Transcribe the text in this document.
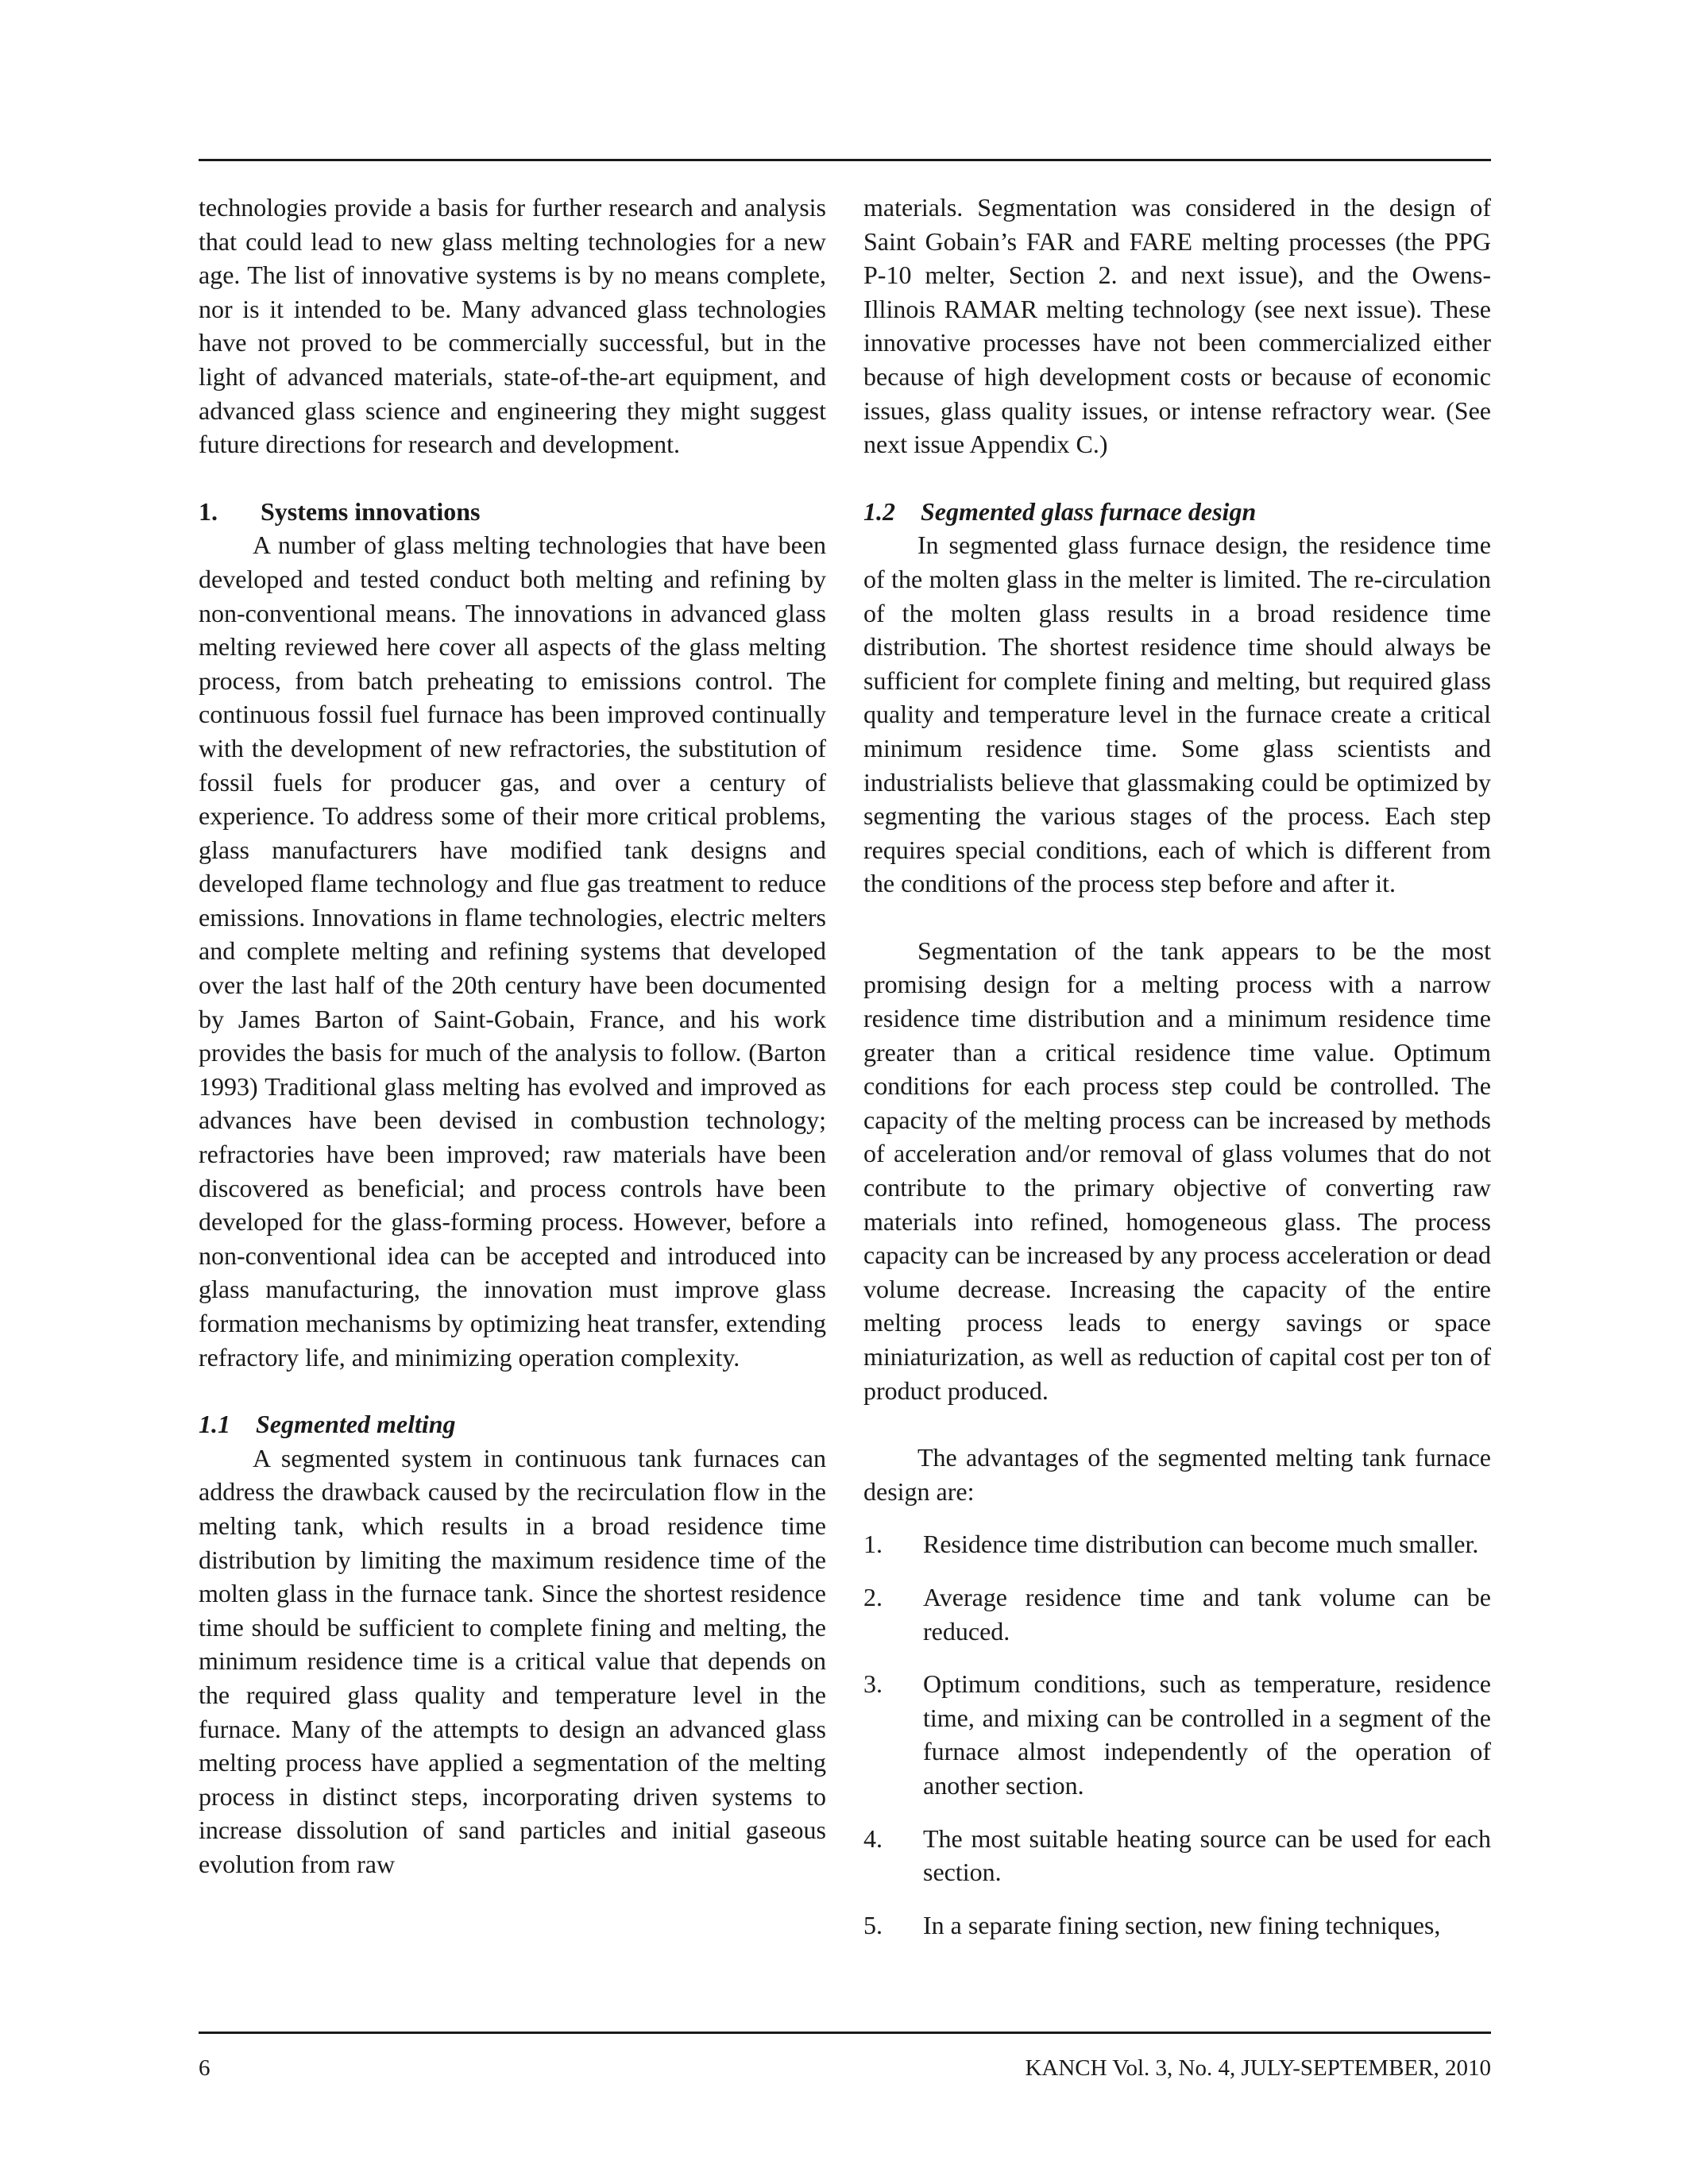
technologies provide a basis for further research and analysis that could lead to new glass melting technologies for a new age. The list of innovative systems is by no means complete, nor is it intended to be. Many advanced glass technologies have not proved to be commercially successful, but in the light of advanced materials, state-of-the-art equipment, and advanced glass science and engineering they might suggest future directions for research and development.

1. Systems innovations

A number of glass melting technologies that have been developed and tested conduct both melting and refining by non-conventional means. The innovations in advanced glass melting reviewed here cover all aspects of the glass melting process, from batch preheating to emissions control. The continuous fossil fuel furnace has been improved continually with the development of new refractories, the substitution of fossil fuels for producer gas, and over a century of experience. To address some of their more critical problems, glass manufacturers have modified tank designs and developed flame technology and flue gas treatment to reduce emissions. Innovations in flame technologies, electric melters and complete melting and refining systems that developed over the last half of the 20th century have been documented by James Barton of Saint-Gobain, France, and his work provides the basis for much of the analysis to follow. (Barton 1993) Traditional glass melting has evolved and improved as advances have been devised in combustion technology; refractories have been improved; raw materials have been discovered as beneficial; and process controls have been developed for the glass-forming process. However, before a non-conventional idea can be accepted and introduced into glass manufacturing, the innovation must improve glass formation mechanisms by optimizing heat transfer, extending refractory life, and minimizing operation complexity.

1.1 Segmented melting

A segmented system in continuous tank furnaces can address the drawback caused by the recirculation flow in the melting tank, which results in a broad residence time distribution by limiting the maximum residence time of the molten glass in the furnace tank. Since the shortest residence time should be sufficient to complete fining and melting, the minimum residence time is a critical value that depends on the required glass quality and temperature level in the furnace. Many of the attempts to design an advanced glass melting process have applied a segmentation of the melting process in distinct steps, incorporating driven systems to increase dissolution of sand particles and initial gaseous evolution from raw

materials. Segmentation was considered in the design of Saint Gobain’s FAR and FARE melting processes (the PPG P-10 melter, Section 2. and next issue), and the Owens-Illinois RAMAR melting technology (see next issue). These innovative processes have not been commercialized either because of high development costs or because of economic issues, glass quality issues, or intense refractory wear. (See next issue Appendix C.)

1.2 Segmented glass furnace design

In segmented glass furnace design, the residence time of the molten glass in the melter is limited. The re-circulation of the molten glass results in a broad residence time distribution. The shortest residence time should always be sufficient for complete fining and melting, but required glass quality and temperature level in the furnace create a critical minimum residence time. Some glass scientists and industrialists believe that glassmaking could be optimized by segmenting the various stages of the process. Each step requires special conditions, each of which is different from the conditions of the process step before and after it.

Segmentation of the tank appears to be the most promising design for a melting process with a narrow residence time distribution and a minimum residence time greater than a critical residence time value. Optimum conditions for each process step could be controlled. The capacity of the melting process can be increased by methods of acceleration and/or removal of glass volumes that do not contribute to the primary objective of converting raw materials into refined, homogeneous glass. The process capacity can be increased by any process acceleration or dead volume decrease. Increasing the capacity of the entire melting process leads to energy savings or space miniaturization, as well as reduction of capital cost per ton of product produced.

The advantages of the segmented melting tank furnace design are:

1. Residence time distribution can become much smaller.
2. Average residence time and tank volume can be reduced.
3. Optimum conditions, such as temperature, residence time, and mixing can be controlled in a segment of the furnace almost independently of the operation of another section.
4. The most suitable heating source can be used for each section.
5. In a separate fining section, new fining techniques,
6	KANCH Vol. 3, No. 4, JULY-SEPTEMBER, 2010
